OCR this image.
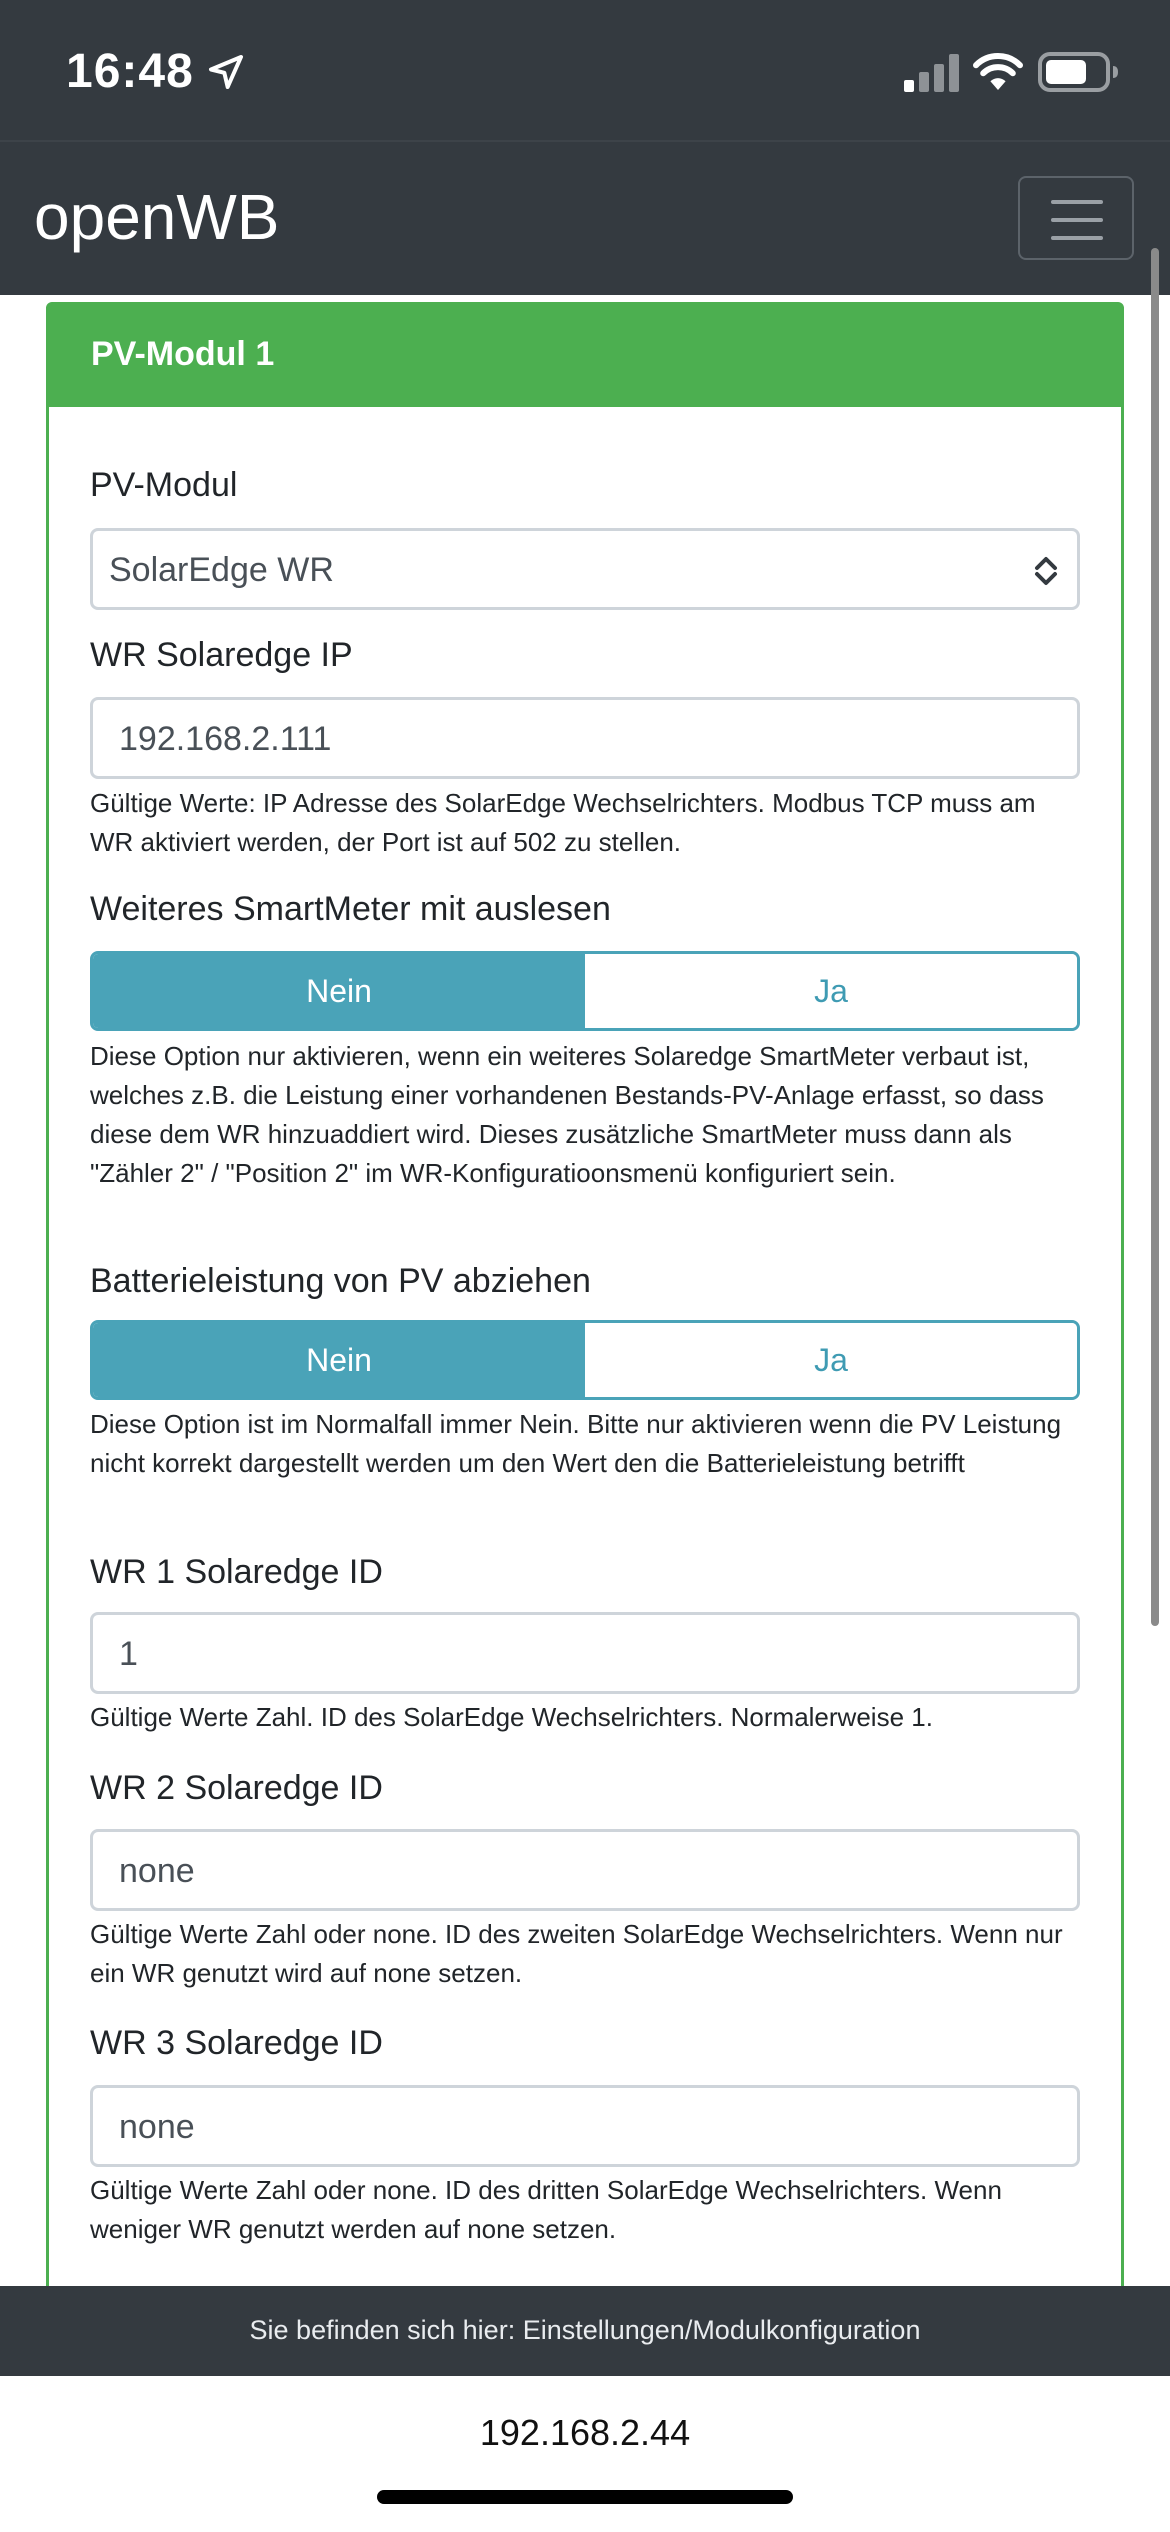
16:48
openWB
PV-Modul 1
PV-Modul
SolarEdge WR
WR Solaredge IP
192.168.2.111
Gültige Werte: IP Adresse des SolarEdge Wechselrichters. Modbus TCP muss am WR aktiviert werden, der Port ist auf 502 zu stellen.
Weiteres SmartMeter mit auslesen
Nein	Ja
Diese Option nur aktivieren, wenn ein weiteres Solaredge SmartMeter verbaut ist, welches z.B. die Leistung einer vorhandenen Bestands-PV-Anlage erfasst, so dass diese dem WR hinzuaddiert wird. Dieses zusätzliche SmartMeter muss dann als "Zähler 2" / "Position 2" im WR-Konfiguratioonsmenü konfiguriert sein.
Batterieleistung von PV abziehen
Nein	Ja
Diese Option ist im Normalfall immer Nein. Bitte nur aktivieren wenn die PV Leistung nicht korrekt dargestellt werden um den Wert den die Batterieleistung betrifft
WR 1 Solaredge ID
1
Gültige Werte Zahl. ID des SolarEdge Wechselrichters. Normalerweise 1.
WR 2 Solaredge ID
none
Gültige Werte Zahl oder none. ID des zweiten SolarEdge Wechselrichters. Wenn nur ein WR genutzt wird auf none setzen.
WR 3 Solaredge ID
none
Gültige Werte Zahl oder none. ID des dritten SolarEdge Wechselrichters. Wenn weniger WR genutzt werden auf none setzen.
Sie befinden sich hier: Einstellungen/Modulkonfiguration
192.168.2.44
